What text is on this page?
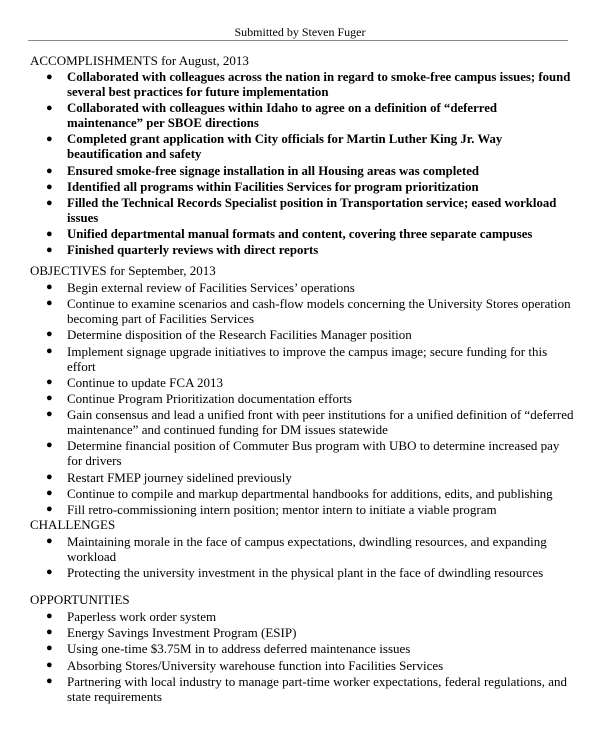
Submitted by Steven Fuger
ACCOMPLISHMENTS for August, 2013
● Collaborated with colleagues across the nation in regard to smoke-free campus issues; found several best practices for future implementation
● Collaborated with colleagues within Idaho to agree on a definition of “deferred maintenance” per SBOE directions
● Completed grant application with City officials for Martin Luther King Jr. Way beautification and safety
● Ensured smoke-free signage installation in all Housing areas was completed
● Identified all programs within Facilities Services for program prioritization
● Filled the Technical Records Specialist position in Transportation service; eased workload issues
● Unified departmental manual formats and content, covering three separate campuses
● Finished quarterly reviews with direct reports
OBJECTIVES for September, 2013
● Begin external review of Facilities Services’ operations
● Continue to examine scenarios and cash-flow models concerning the University Stores operation becoming part of Facilities Services
● Determine disposition of the Research Facilities Manager position
● Implement signage upgrade initiatives to improve the campus image; secure funding for this effort
● Continue to update FCA 2013
● Continue Program Prioritization documentation efforts
● Gain consensus and lead a unified front with peer institutions for a unified definition of “deferred maintenance” and continued funding for DM issues statewide
● Determine financial position of Commuter Bus program with UBO to determine increased pay for drivers
● Restart FMEP journey sidelined previously
● Continue to compile and markup departmental handbooks for additions, edits, and publishing
● Fill retro-commissioning intern position; mentor intern to initiate a viable program
CHALLENGES
● Maintaining morale in the face of campus expectations, dwindling resources, and expanding workload
● Protecting the university investment in the physical plant in the face of dwindling resources
OPPORTUNITIES
● Paperless work order system
● Energy Savings Investment Program (ESIP)
● Using one-time $3.75M in to address deferred maintenance issues
● Absorbing Stores/University warehouse function into Facilities Services
● Partnering with local industry to manage part-time worker expectations, federal regulations, and state requirements
